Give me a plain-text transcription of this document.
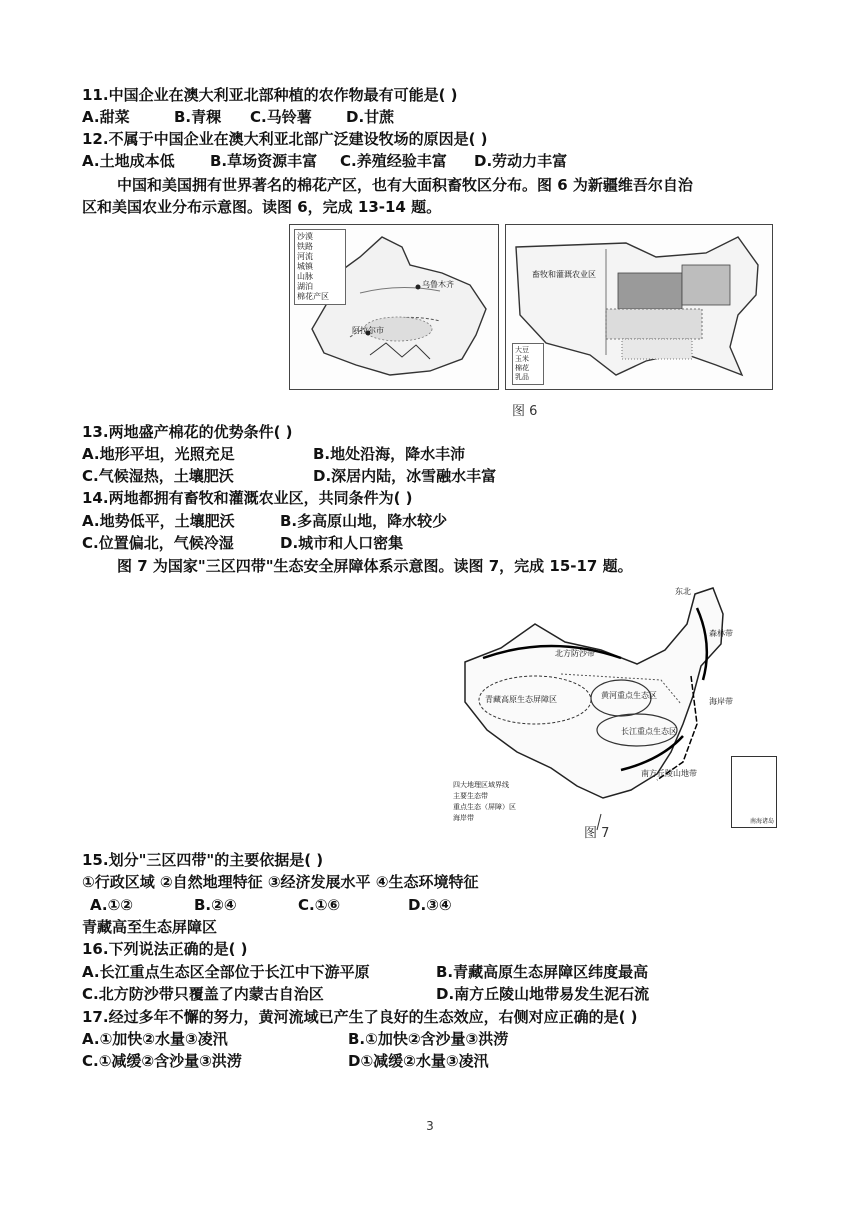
11.中国企业在澳大利亚北部种植的农作物最有可能是( )
A.甜菜	B.青稞 C.马铃薯 D.甘蔗
12.不属于中国企业在澳大利亚北部广泛建设牧场的原因是( )
A.土地成本低 B.草场资源丰富 C.养殖经验丰富 D.劳动力丰富
中国和美国拥有世界著名的棉花产区，也有大面积畜牧区分布。图 6 为新疆维吾尔自治
区和美国农业分布示意图。读图 6，完成 13-14 题。
沙漠
铁路
河流
城镇
山脉
湖泊
棉花产区
乌鲁木齐
阿拉尔市
畜牧和灌溉农业区
大豆
玉米
棉花
乳品
图 6
13.两地盛产棉花的优势条件( )
A.地形平坦，光照充足	B.地处沿海，降水丰沛
C.气候湿热，土壤肥沃	D.深居内陆，冰雪融水丰富
14.两地都拥有畜牧和灌溉农业区，共同条件为( )
A.地势低平，土壤肥沃	B.多高原山地，降水较少
C.位置偏北，气候冷湿	D.城市和人口密集
图 7 为国家"三区四带"生态安全屏障体系示意图。读图 7，完成 15-17 题。
东北
森林带
北方防沙带
青藏高原生态屏障区	黄河重点生态区
长江重点生态区
南方丘陵山地带
海岸带
四大地理区域界线
主要生态带
重点生态（屏障）区
海岸带	南海诸岛
图 7
15.划分"三区四带"的主要依据是( )
①行政区域 ②自然地理特征 ③经济发展水平 ④生态环境特征
A.①②	B.②④	C.①⑥	D.③④
青藏高至生态屏障区
16.下列说法正确的是( )
A.长江重点生态区全部位于长江中下游平原	B.青藏高原生态屏障区纬度最高
C.北方防沙带只覆盖了内蒙古自治区	D.南方丘陵山地带易发生泥石流
17.经过多年不懈的努力，黄河流域已产生了良好的生态效应，右侧对应正确的是( )
A.①加快②水量③凌汛	B.①加快②含沙量③洪涝
C.①减缓②含沙量③洪涝	D①减缓②水量③凌汛
3
